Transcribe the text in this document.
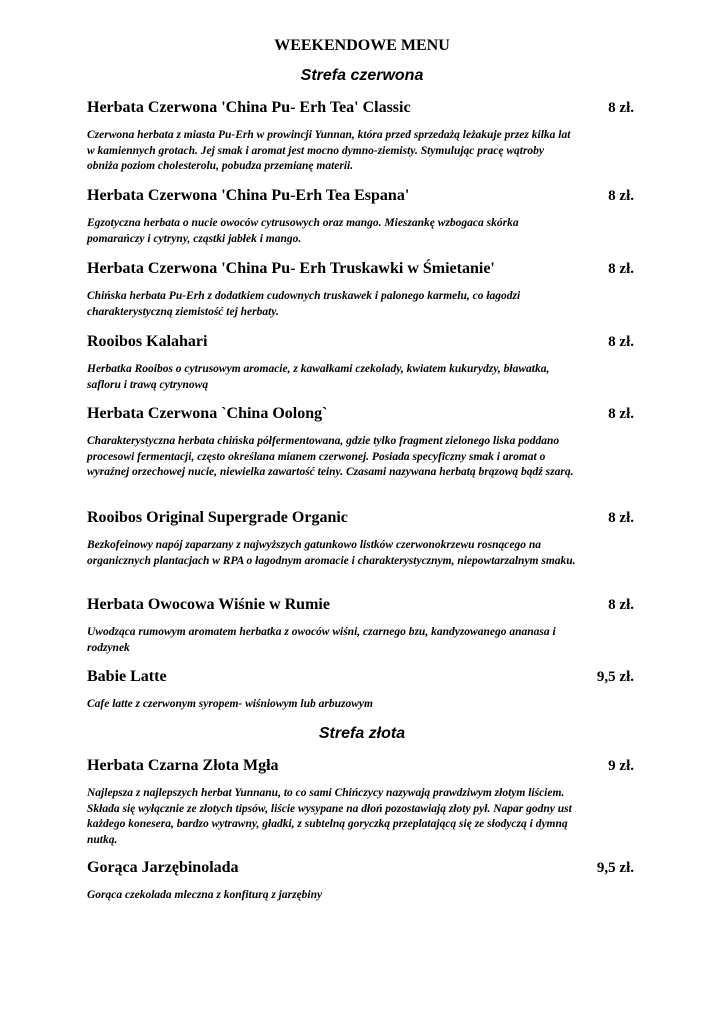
WEEKENDOWE MENU
Strefa czerwona
Herbata Czerwona 'China Pu- Erh Tea' Classic	8 zł.
Czerwona herbata z miasta Pu-Erh w prowincji Yunnan, która przed sprzedażą leżakuje przez kilka lat w kamiennych grotach. Jej smak i aromat jest mocno dymno-ziemisty. Stymulując pracę wątroby obniża poziom cholesterolu, pobudza przemianę materii.
Herbata Czerwona 'China Pu-Erh Tea Espana'	8 zł.
Egzotyczna herbata o nucie owoców cytrusowych oraz mango. Mieszankę wzbogaca skórka pomarańczy i cytryny, cząstki jabłek i mango.
Herbata Czerwona 'China Pu- Erh Truskawki w Śmietanie'	8 zł.
Chińska herbata Pu-Erh z dodatkiem cudownych truskawek i palonego karmelu, co łagodzi charakterystyczną ziemistość tej herbaty.
Rooibos Kalahari	8 zł.
Herbatka Rooibos o cytrusowym aromacie, z kawałkami czekolady, kwiatem kukurydzy, bławatka, safloru i trawą cytrynową
Herbata Czerwona `China Oolong`	8 zł.
Charakterystyczna herbata chińska półfermentowana, gdzie tylko fragment zielonego liska poddano procesowi fermentacji, często określana mianem czerwonej. Posiada specyficzny smak i aromat o wyraźnej orzechowej nucie, niewielka zawartość teiny. Czasami nazywana herbatą brązową bądź szarą.
Rooibos Original Supergrade Organic	8 zł.
Bezkofeinowy napój zaparzany z najwyższych gatunkowo listków czerwonokrzewu rosnącego na organicznych plantacjach w RPA o łagodnym aromacie i charakterystycznym, niepowtarzalnym smaku.
Herbata Owocowa Wiśnie w Rumie	8 zł.
Uwodząca rumowym aromatem herbatka z owoców wiśni, czarnego bzu, kandyzowanego ananasa i rodzynek
Babie Latte	9,5 zł.
Cafe latte z czerwonym syropem- wiśniowym lub arbuzowym
Strefa złota
Herbata Czarna Złota Mgła	9 zł.
Najlepsza z najlepszych herbat Yunnanu, to co sami Chińczycy nazywają prawdziwym złotym liściem. Składa się wyłącznie ze złotych tipsów, liście wysypane na dłoń pozostawiają złoty pył. Napar godny ust każdego konesera, bardzo wytrawny, gładki, z subtelną goryczką przeplatającą się ze słodyczą i dymną nutką.
Gorąca Jarzębinolada	9,5 zł.
Gorąca czekolada mleczna z konfiturą z jarzębiny
